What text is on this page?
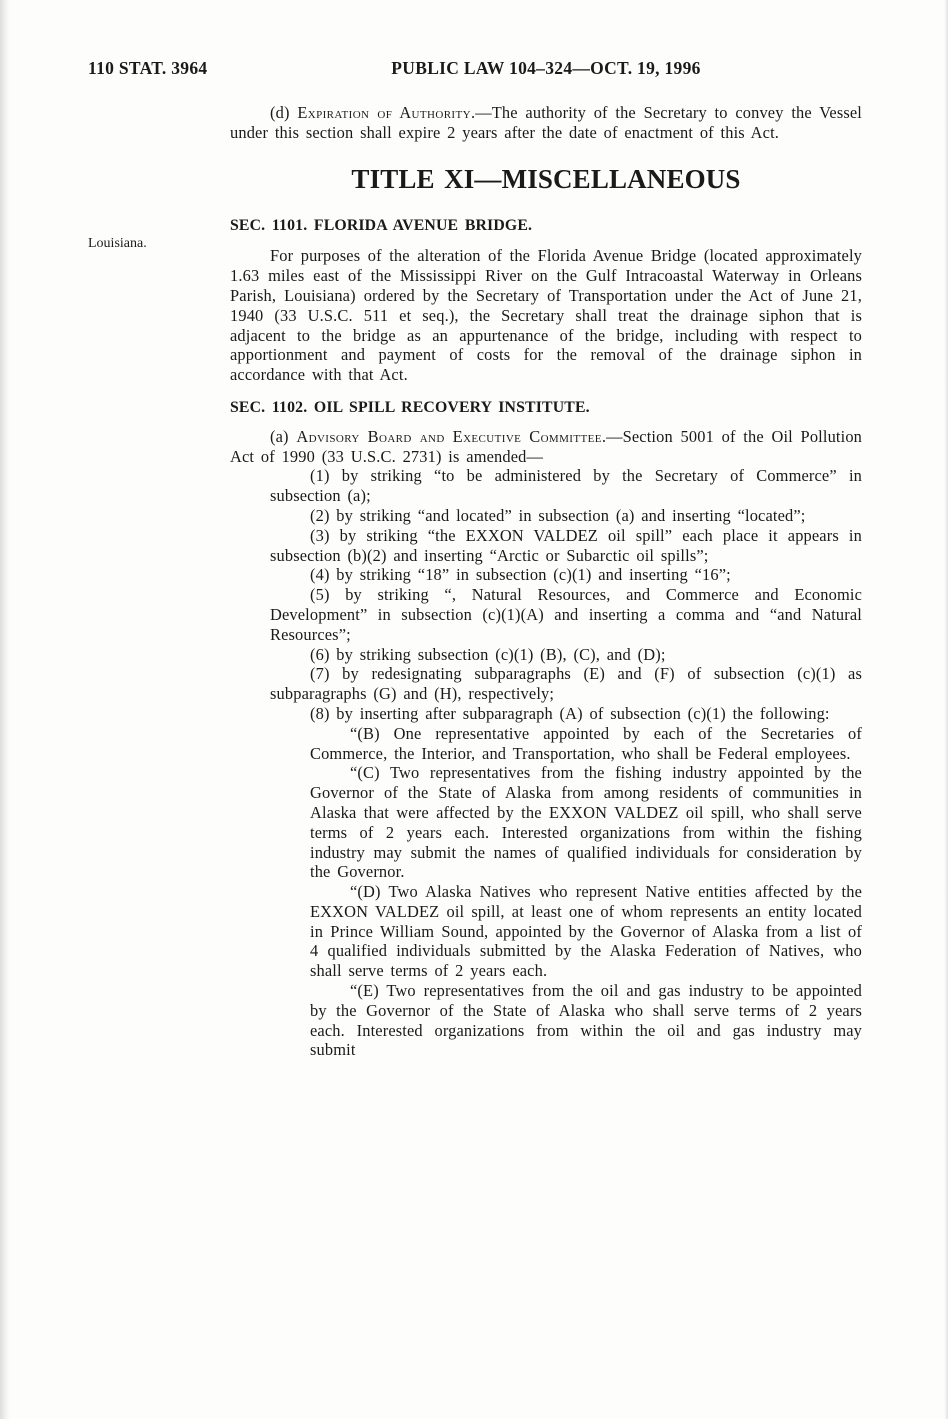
110 STAT. 3964	PUBLIC LAW 104–324—OCT. 19, 1996
Louisiana.

(d) Expiration of Authority.—The authority of the Secretary to convey the Vessel under this section shall expire 2 years after the date of enactment of this Act.

TITLE XI—MISCELLANEOUS

SEC. 1101. FLORIDA AVENUE BRIDGE.

For purposes of the alteration of the Florida Avenue Bridge (located approximately 1.63 miles east of the Mississippi River on the Gulf Intracoastal Waterway in Orleans Parish, Louisiana) ordered by the Secretary of Transportation under the Act of June 21, 1940 (33 U.S.C. 511 et seq.), the Secretary shall treat the drainage siphon that is adjacent to the bridge as an appurtenance of the bridge, including with respect to apportionment and payment of costs for the removal of the drainage siphon in accordance with that Act.

SEC. 1102. OIL SPILL RECOVERY INSTITUTE.

(a) Advisory Board and Executive Committee.—Section 5001 of the Oil Pollution Act of 1990 (33 U.S.C. 2731) is amended—

(1) by striking “to be administered by the Secretary of Commerce” in subsection (a);

(2) by striking “and located” in subsection (a) and inserting “located”;

(3) by striking “the EXXON VALDEZ oil spill” each place it appears in subsection (b)(2) and inserting “Arctic or Subarctic oil spills”;

(4) by striking “18” in subsection (c)(1) and inserting “16”;

(5) by striking “, Natural Resources, and Commerce and Economic Development” in subsection (c)(1)(A) and inserting a comma and “and Natural Resources”;

(6) by striking subsection (c)(1) (B), (C), and (D);

(7) by redesignating subparagraphs (E) and (F) of subsection (c)(1) as subparagraphs (G) and (H), respectively;

(8) by inserting after subparagraph (A) of subsection (c)(1) the following:

“(B) One representative appointed by each of the Secretaries of Commerce, the Interior, and Transportation, who shall be Federal employees.

“(C) Two representatives from the fishing industry appointed by the Governor of the State of Alaska from among residents of communities in Alaska that were affected by the EXXON VALDEZ oil spill, who shall serve terms of 2 years each. Interested organizations from within the fishing industry may submit the names of qualified individuals for consideration by the Governor.

“(D) Two Alaska Natives who represent Native entities affected by the EXXON VALDEZ oil spill, at least one of whom represents an entity located in Prince William Sound, appointed by the Governor of Alaska from a list of 4 qualified individuals submitted by the Alaska Federation of Natives, who shall serve terms of 2 years each.

“(E) Two representatives from the oil and gas industry to be appointed by the Governor of the State of Alaska who shall serve terms of 2 years each. Interested organizations from within the oil and gas industry may submit
